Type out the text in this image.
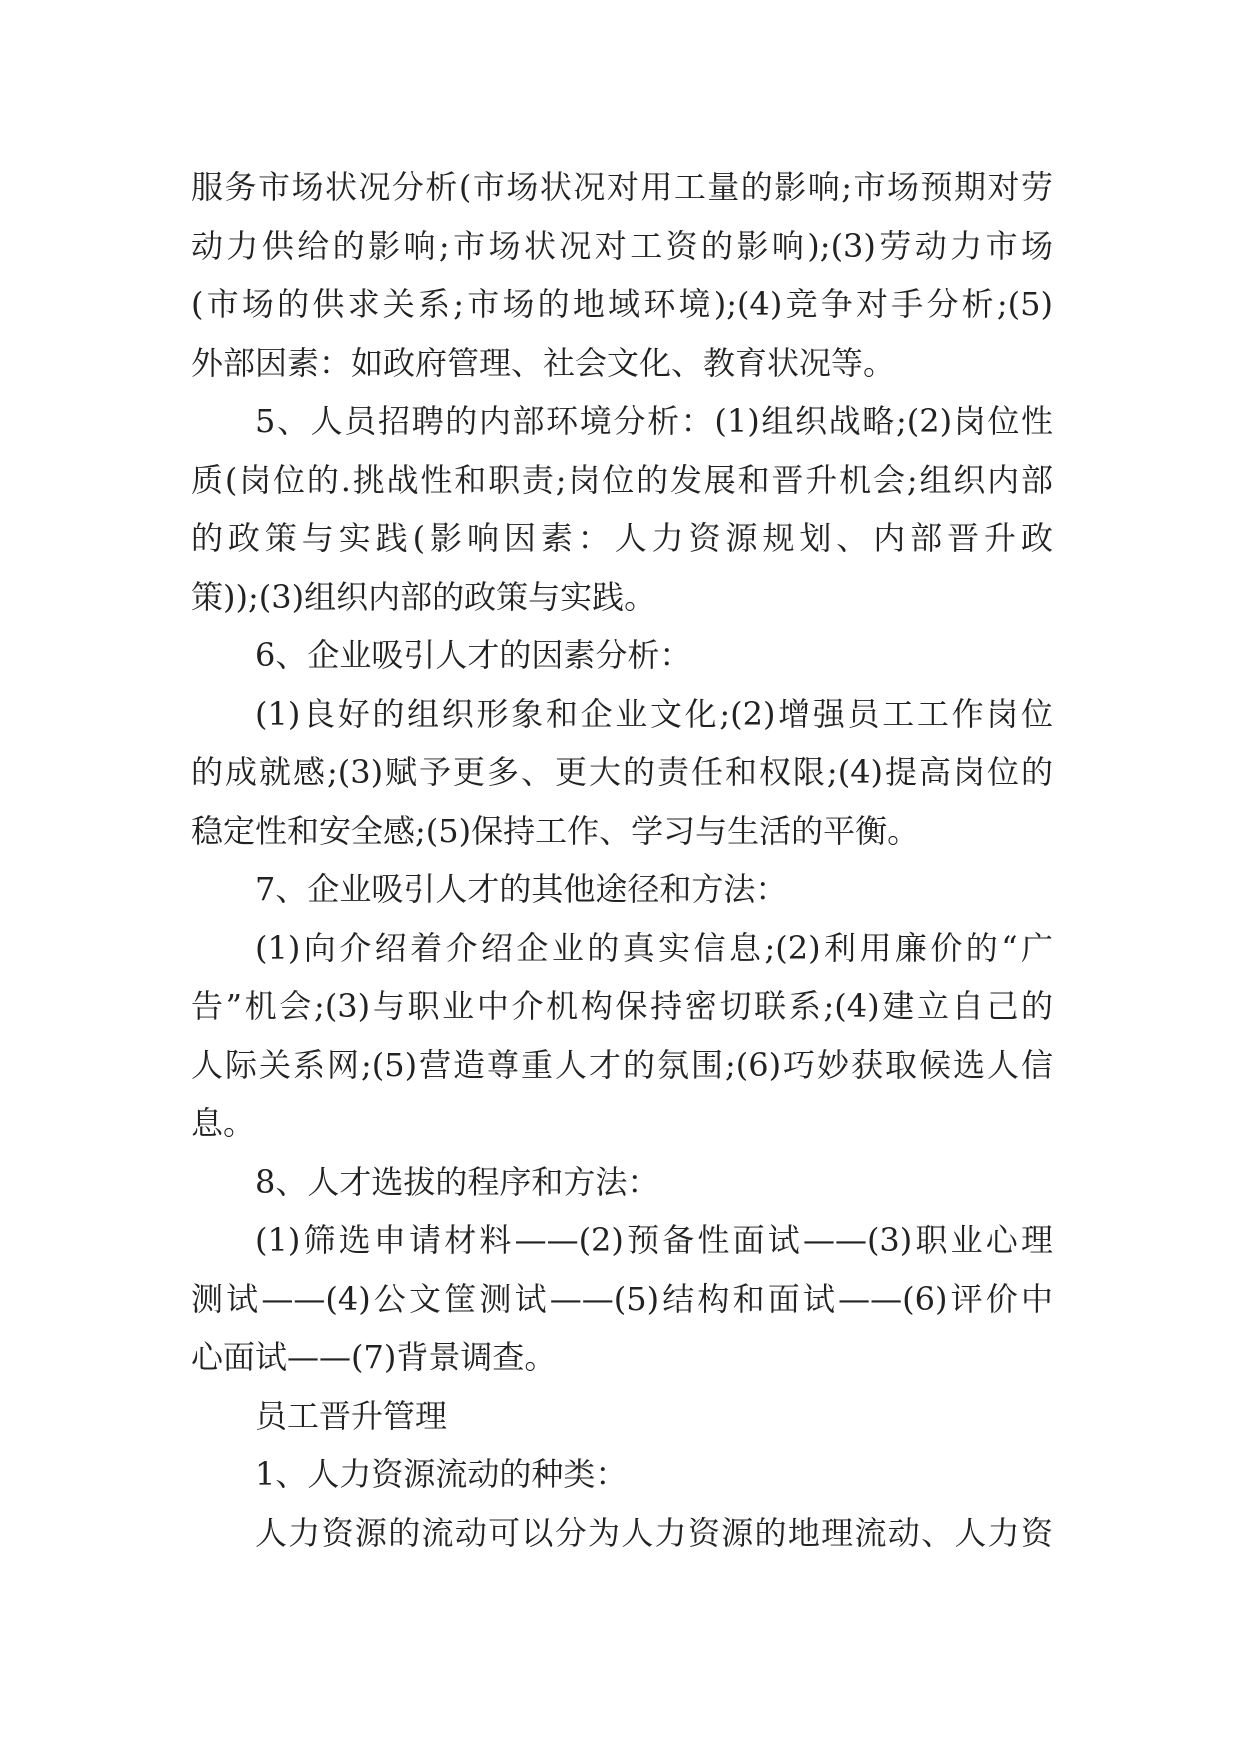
服务市场状况分析(市场状况对用工量的影响;市场预期对劳
动力供给的影响;市场状况对工资的影响);(3)劳动力市场
(市场的供求关系;市场的地域环境);(4)竞争对手分析;(5)
外部因素：如政府管理、社会文化、教育状况等。
5、人员招聘的内部环境分析：(1)组织战略;(2)岗位性
质(岗位的.挑战性和职责;岗位的发展和晋升机会;组织内部
的政策与实践(影响因素：人力资源规划、内部晋升政
策));(3)组织内部的政策与实践。
6、企业吸引人才的因素分析：
(1)良好的组织形象和企业文化;(2)增强员工工作岗位
的成就感;(3)赋予更多、更大的责任和权限;(4)提高岗位的
稳定性和安全感;(5)保持工作、学习与生活的平衡。
7、企业吸引人才的其他途径和方法：
(1)向介绍着介绍企业的真实信息;(2)利用廉价的“广
告”机会;(3)与职业中介机构保持密切联系;(4)建立自己的
人际关系网;(5)营造尊重人才的氛围;(6)巧妙获取候选人信
息。
8、人才选拔的程序和方法：
(1)筛选申请材料——(2)预备性面试——(3)职业心理
测试——(4)公文筐测试——(5)结构和面试——(6)评价中
心面试——(7)背景调查。
员工晋升管理
1、人力资源流动的种类：
人力资源的流动可以分为人力资源的地理流动、人力资
